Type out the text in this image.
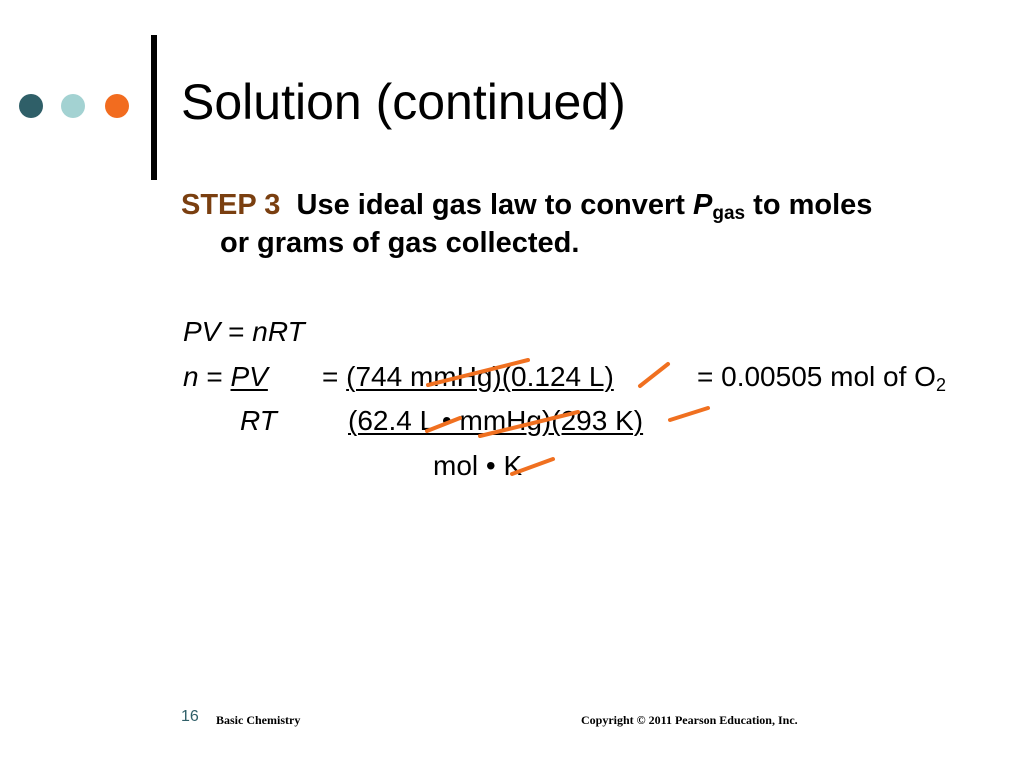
Solution (continued)
STEP 3 Use ideal gas law to convert $P_{gas}$ to moles
or grams of gas collected.
PV = nRT
n = PV = (744 mmHg)(0.124 L)	= 0.00505 mol of $O_2$
RT	(62.4 L • mmHg)(293 K)
mol • K
16 Basic Chemistry	Copyright © 2011 Pearson Education, Inc.
